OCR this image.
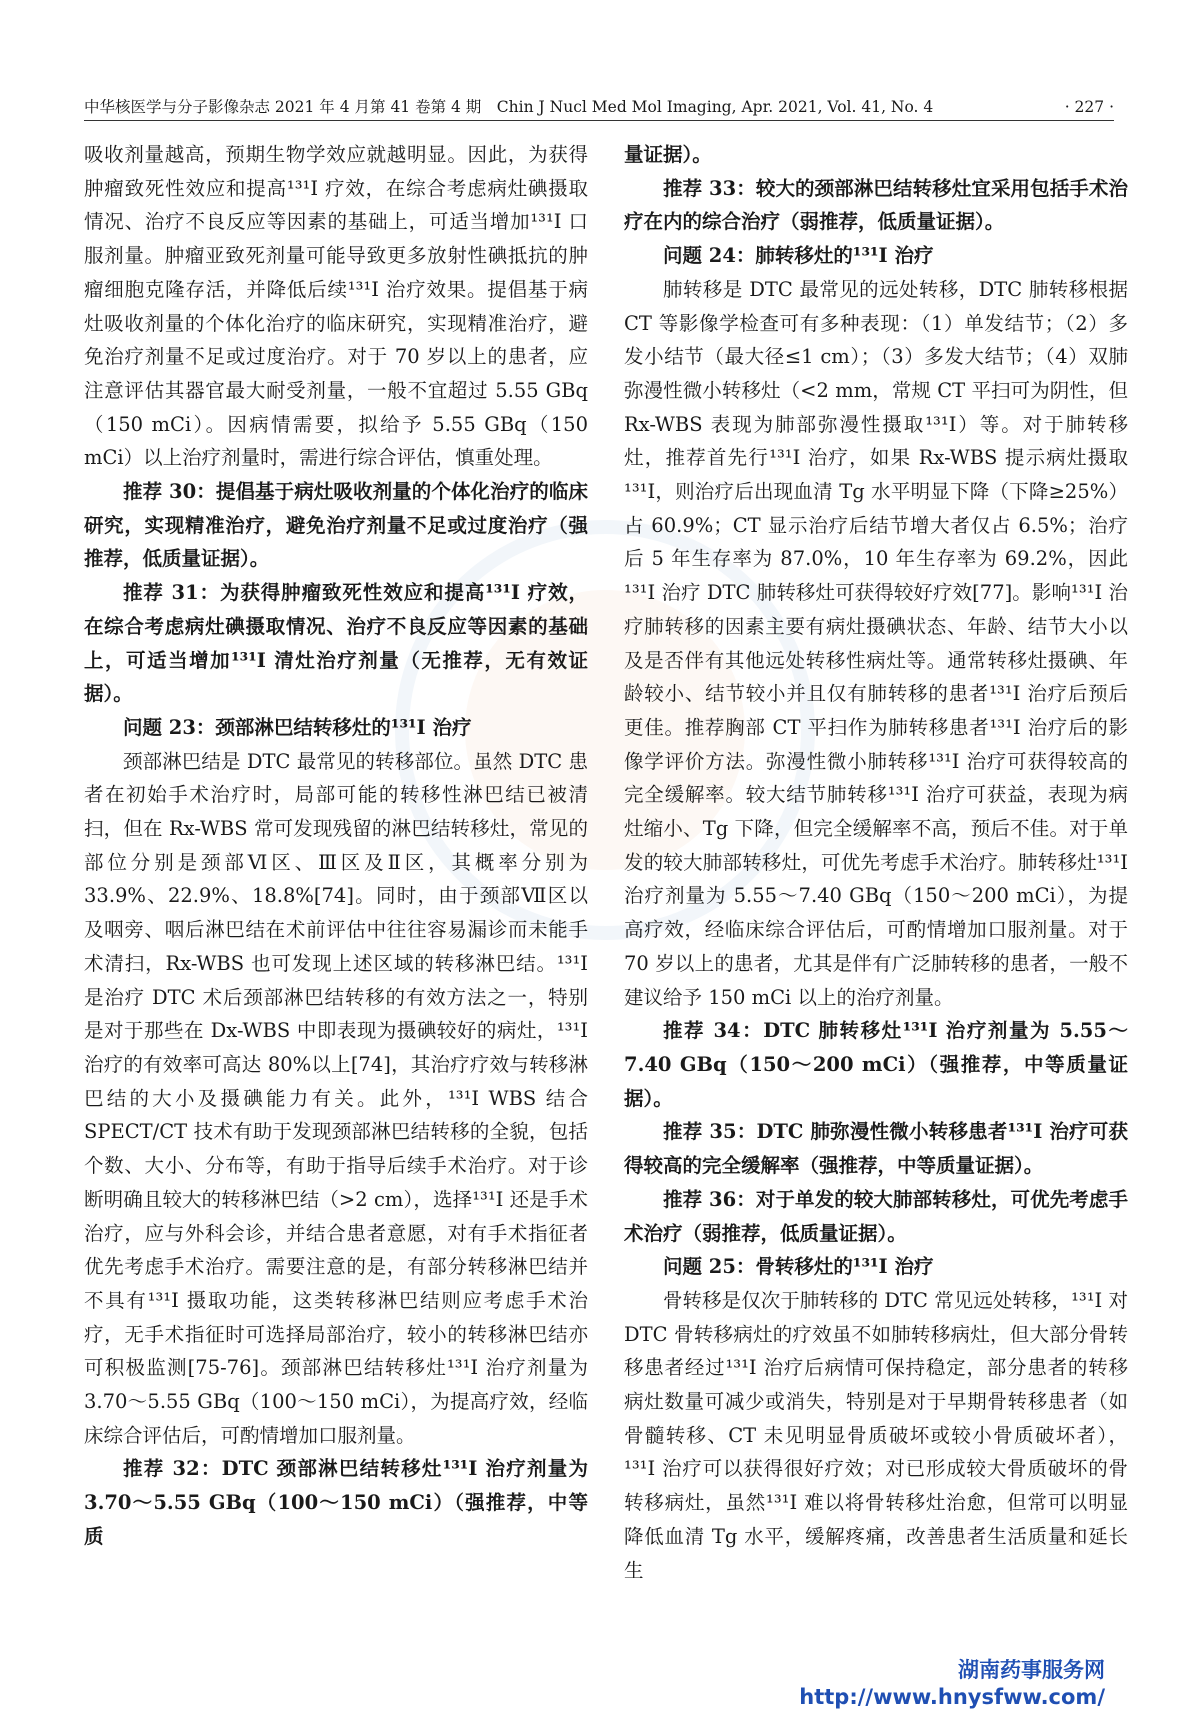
中华核医学与分子影像杂志 2021 年 4 月第 41 卷第 4 期　Chin J Nucl Med Mol Imaging, Apr. 2021, Vol. 41, No. 4	· 227 ·

吸收剂量越高，预期生物学效应就越明显。因此，为获得肿瘤致死性效应和提高¹³¹I 疗效，在综合考虑病灶碘摄取情况、治疗不良反应等因素的基础上，可适当增加¹³¹I 口服剂量。肿瘤亚致死剂量可能导致更多放射性碘抵抗的肿瘤细胞克隆存活，并降低后续¹³¹I 治疗效果。提倡基于病灶吸收剂量的个体化治疗的临床研究，实现精准治疗，避免治疗剂量不足或过度治疗。对于 70 岁以上的患者，应注意评估其器官最大耐受剂量，一般不宜超过 5.55 GBq（150 mCi）。因病情需要，拟给予 5.55 GBq（150 mCi）以上治疗剂量时，需进行综合评估，慎重处理。

推荐 30：提倡基于病灶吸收剂量的个体化治疗的临床研究，实现精准治疗，避免治疗剂量不足或过度治疗（强推荐，低质量证据）。

推荐 31：为获得肿瘤致死性效应和提高¹³¹I 疗效，在综合考虑病灶碘摄取情况、治疗不良反应等因素的基础上，可适当增加¹³¹I 清灶治疗剂量（无推荐，无有效证据）。

问题 23：颈部淋巴结转移灶的¹³¹I 治疗

颈部淋巴结是 DTC 最常见的转移部位。虽然 DTC 患者在初始手术治疗时，局部可能的转移性淋巴结已被清扫，但在 Rx-WBS 常可发现残留的淋巴结转移灶，常见的部位分别是颈部Ⅵ区、Ⅲ区及Ⅱ区，其概率分别为 33.9%、22.9%、18.8%[74]。同时，由于颈部Ⅶ区以及咽旁、咽后淋巴结在术前评估中往往容易漏诊而未能手术清扫，Rx-WBS 也可发现上述区域的转移淋巴结。¹³¹I 是治疗 DTC 术后颈部淋巴结转移的有效方法之一，特别是对于那些在 Dx-WBS 中即表现为摄碘较好的病灶，¹³¹I 治疗的有效率可高达 80%以上[74]，其治疗疗效与转移淋巴结的大小及摄碘能力有关。此外，¹³¹I WBS 结合 SPECT/CT 技术有助于发现颈部淋巴结转移的全貌，包括个数、大小、分布等，有助于指导后续手术治疗。对于诊断明确且较大的转移淋巴结（>2 cm），选择¹³¹I 还是手术治疗，应与外科会诊，并结合患者意愿，对有手术指征者优先考虑手术治疗。需要注意的是，有部分转移淋巴结并不具有¹³¹I 摄取功能，这类转移淋巴结则应考虑手术治疗，无手术指征时可选择局部治疗，较小的转移淋巴结亦可积极监测[75-76]。颈部淋巴结转移灶¹³¹I 治疗剂量为 3.70～5.55 GBq（100～150 mCi），为提高疗效，经临床综合评估后，可酌情增加口服剂量。

推荐 32：DTC 颈部淋巴结转移灶¹³¹I 治疗剂量为 3.70～5.55 GBq（100～150 mCi）（强推荐，中等质

量证据）。

推荐 33：较大的颈部淋巴结转移灶宜采用包括手术治疗在内的综合治疗（弱推荐，低质量证据）。

问题 24：肺转移灶的¹³¹I 治疗

肺转移是 DTC 最常见的远处转移，DTC 肺转移根据 CT 等影像学检查可有多种表现：（1）单发结节；（2）多发小结节（最大径≤1 cm）；（3）多发大结节；（4）双肺弥漫性微小转移灶（<2 mm，常规 CT 平扫可为阴性，但 Rx-WBS 表现为肺部弥漫性摄取¹³¹I）等。对于肺转移灶，推荐首先行¹³¹I 治疗，如果 Rx-WBS 提示病灶摄取¹³¹I，则治疗后出现血清 Tg 水平明显下降（下降≥25%）占 60.9%；CT 显示治疗后结节增大者仅占 6.5%；治疗后 5 年生存率为 87.0%，10 年生存率为 69.2%，因此¹³¹I 治疗 DTC 肺转移灶可获得较好疗效[77]。影响¹³¹I 治疗肺转移的因素主要有病灶摄碘状态、年龄、结节大小以及是否伴有其他远处转移性病灶等。通常转移灶摄碘、年龄较小、结节较小并且仅有肺转移的患者¹³¹I 治疗后预后更佳。推荐胸部 CT 平扫作为肺转移患者¹³¹I 治疗后的影像学评价方法。弥漫性微小肺转移¹³¹I 治疗可获得较高的完全缓解率。较大结节肺转移¹³¹I 治疗可获益，表现为病灶缩小、Tg 下降，但完全缓解率不高，预后不佳。对于单发的较大肺部转移灶，可优先考虑手术治疗。肺转移灶¹³¹I 治疗剂量为 5.55～7.40 GBq（150～200 mCi），为提高疗效，经临床综合评估后，可酌情增加口服剂量。对于 70 岁以上的患者，尤其是伴有广泛肺转移的患者，一般不建议给予 150 mCi 以上的治疗剂量。

推荐 34：DTC 肺转移灶¹³¹I 治疗剂量为 5.55～7.40 GBq（150～200 mCi）（强推荐，中等质量证据）。

推荐 35：DTC 肺弥漫性微小转移患者¹³¹I 治疗可获得较高的完全缓解率（强推荐，中等质量证据）。

推荐 36：对于单发的较大肺部转移灶，可优先考虑手术治疗（弱推荐，低质量证据）。

问题 25：骨转移灶的¹³¹I 治疗

骨转移是仅次于肺转移的 DTC 常见远处转移，¹³¹I 对 DTC 骨转移病灶的疗效虽不如肺转移病灶，但大部分骨转移患者经过¹³¹I 治疗后病情可保持稳定，部分患者的转移病灶数量可减少或消失，特别是对于早期骨转移患者（如骨髓转移、CT 未见明显骨质破坏或较小骨质破坏者），¹³¹I 治疗可以获得很好疗效；对已形成较大骨质破坏的骨转移病灶，虽然¹³¹I 难以将骨转移灶治愈，但常可以明显降低血清 Tg 水平，缓解疼痛，改善患者生活质量和延长生

湖南药事服务网
http://www.hnysfww.com/
